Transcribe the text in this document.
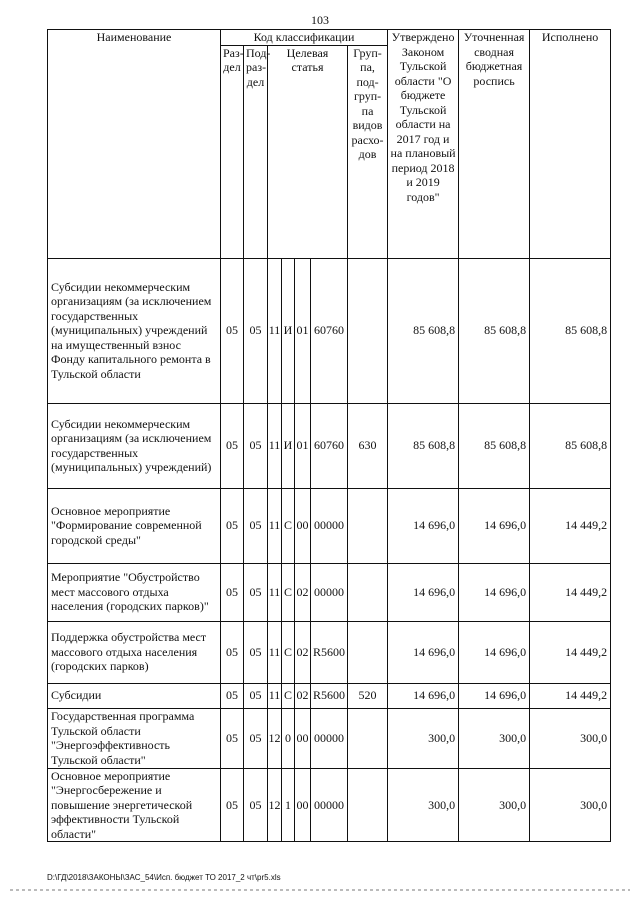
103
Наименование	Код классификации							Утверждено Законом Тульской области "О бюджете Тульской области на 2017 год и на плановый период 2018 и 2019 годов"	Уточненная сводная бюджетная роспись	Исполнено
	Раз-дел	Под-раз-дел	Целевая статья				Груп-па, под-груп-па видов расхо-дов			
Субсидии некоммерческим организациям (за исключением государственных (муниципальных) учреждений на имущественный взнос Фонду капитального ремонта в Тульской области	05	05	11	И	01	60760		85 608,8	85 608,8	85 608,8
Субсидии некоммерческим организациям (за исключением государственных (муниципальных) учреждений)	05	05	11	И	01	60760	630	85 608,8	85 608,8	85 608,8
Основное мероприятие "Формирование современной городской среды"	05	05	11	С	00	00000		14 696,0	14 696,0	14 449,2
Мероприятие "Обустройство мест массового отдыха населения (городских парков)"	05	05	11	С	02	00000		14 696,0	14 696,0	14 449,2
Поддержка обустройства мест массового отдыха населения (городских парков)	05	05	11	С	02	R5600		14 696,0	14 696,0	14 449,2
Субсидии	05	05	11	С	02	R5600	520	14 696,0	14 696,0	14 449,2
Государственная программа Тульской области "Энергоэффективность Тульской области"	05	05	12	0	00	00000		300,0	300,0	300,0
Основное мероприятие "Энергосбережение и повышение энергетической эффективности Тульской области"	05	05	12	1	00	00000		300,0	300,0	300,0
D:\ГД\2018\ЗАКОНЫ\ЗАС_54\Исп. бюджет ТО 2017_2 чт\pr5.xls
